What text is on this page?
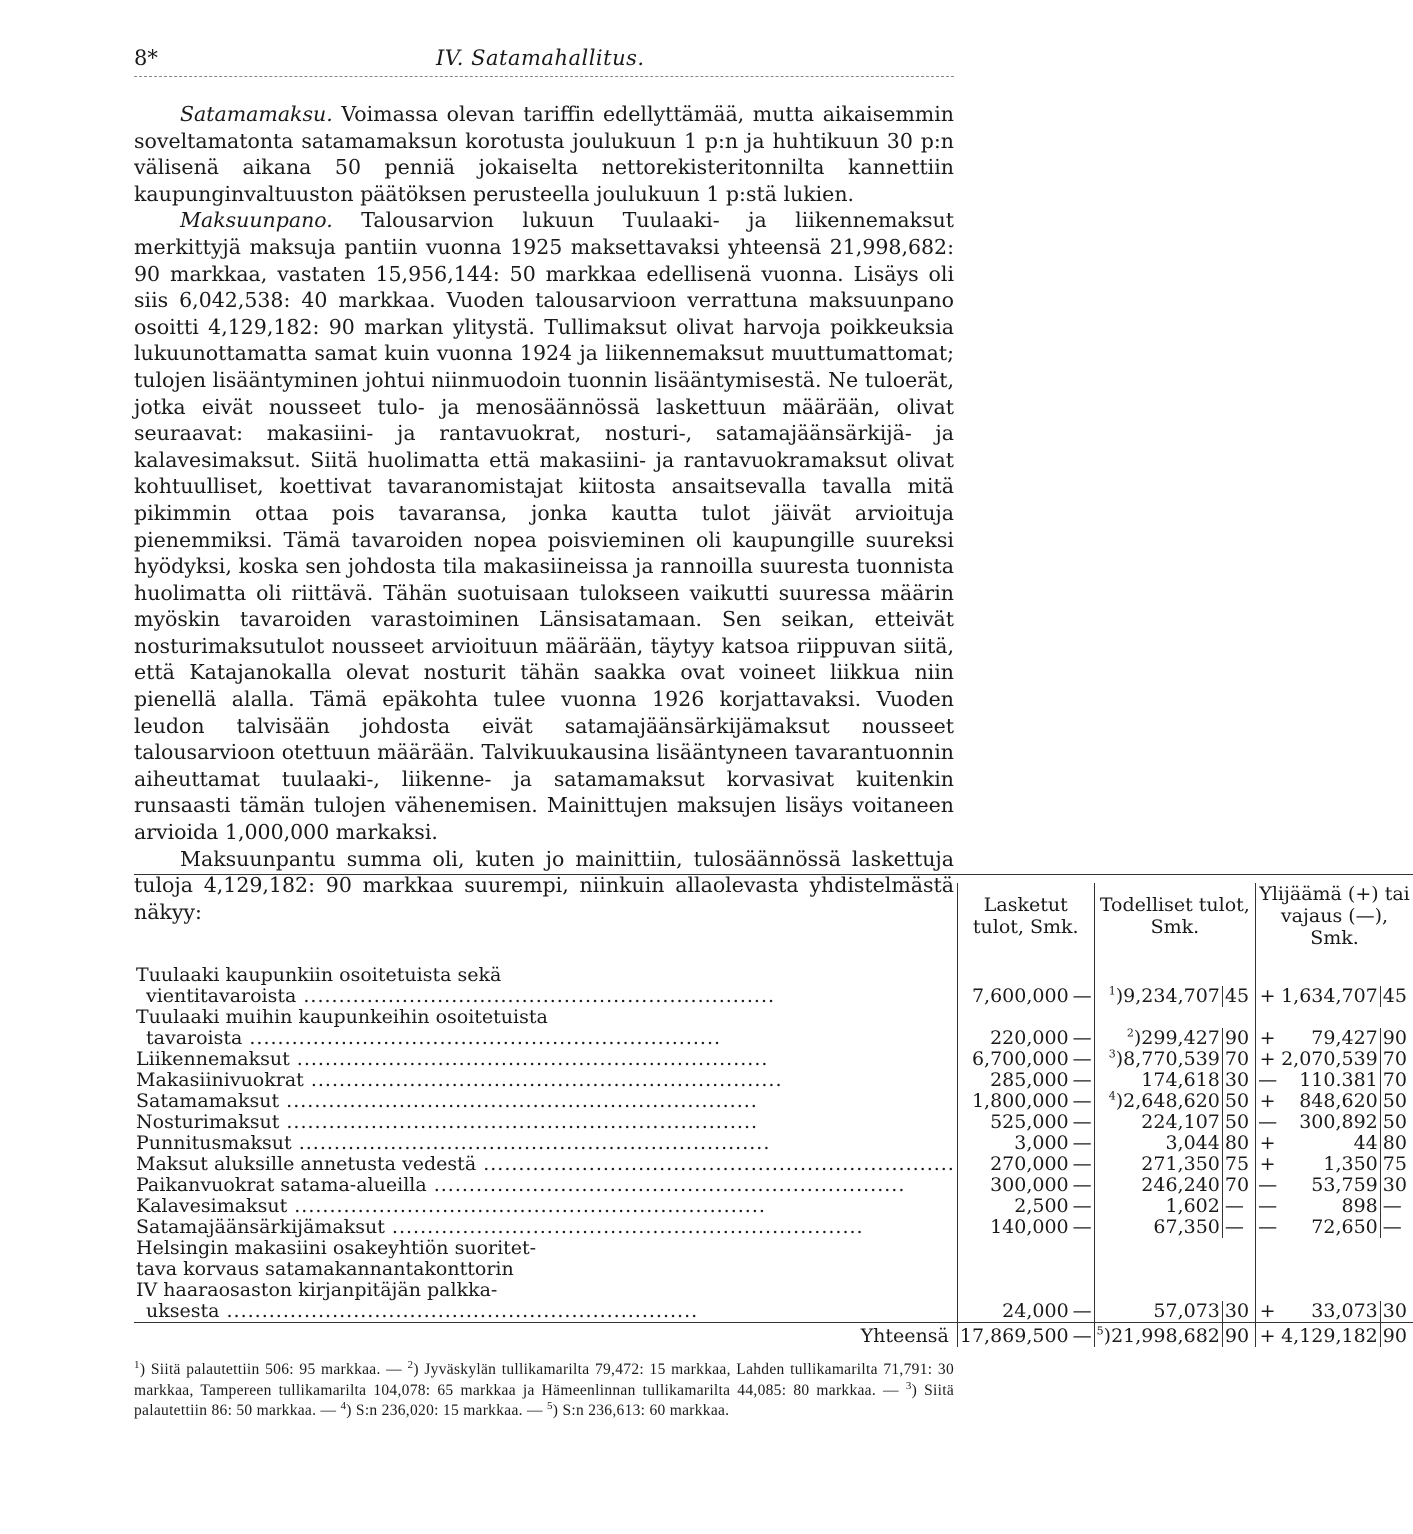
8*	IV. Satamahallitus.

Satamamaksu. Voimassa olevan tariffin edellyttämää, mutta aikaisemmin soveltamatonta satamamaksun korotusta joulukuun 1 p:n ja huhtikuun 30 p:n välisenä aikana 50 penniä jokaiselta nettorekisteritonnilta kannettiin kaupunginvaltuuston päätöksen perusteella joulukuun 1 p:stä lukien.

Maksuunpano. Talousarvion lukuun Tuulaaki- ja liikennemaksut merkittyjä maksuja pantiin vuonna 1925 maksettavaksi yhteensä 21,998,682: 90 markkaa, vastaten 15,956,144: 50 markkaa edellisenä vuonna. Lisäys oli siis 6,042,538: 40 markkaa. Vuoden talousarvioon verrattuna maksuunpano osoitti 4,129,182: 90 markan ylitystä. Tullimaksut olivat harvoja poikkeuksia lukuunottamatta samat kuin vuonna 1924 ja liikennemaksut muuttumattomat; tulojen lisääntyminen johtui niinmuodoin tuonnin lisääntymisestä. Ne tuloerät, jotka eivät nousseet tulo- ja menosäännössä laskettuun määrään, olivat seuraavat: makasiini- ja rantavuokrat, nosturi-, satamajäänsärkijä- ja kalavesimaksut. Siitä huolimatta että makasiini- ja rantavuokramaksut olivat kohtuulliset, koettivat tavaranomistajat kiitosta ansaitsevalla tavalla mitä pikimmin ottaa pois tavaransa, jonka kautta tulot jäivät arvioituja pienemmiksi. Tämä tavaroiden nopea poisvieminen oli kaupungille suureksi hyödyksi, koska sen johdosta tila makasiineissa ja rannoilla suuresta tuonnista huolimatta oli riittävä. Tähän suotuisaan tulokseen vaikutti suuressa määrin myöskin tavaroiden varastoiminen Länsisatamaan. Sen seikan, etteivät nosturimaksutulot nousseet arvioituun määrään, täytyy katsoa riippuvan siitä, että Katajanokalla olevat nosturit tähän saakka ovat voineet liikkua niin pienellä alalla. Tämä epäkohta tulee vuonna 1926 korjattavaksi. Vuoden leudon talvisään johdosta eivät satamajäänsärkijämaksut nousseet talousarvioon otettuun määrään. Talvikuukausina lisääntyneen tavarantuonnin aiheuttamat tuulaaki-, liikenne- ja satamamaksut korvasivat kuitenkin runsaasti tämän tulojen vähenemisen. Mainittujen maksujen lisäys voitaneen arvioida 1,000,000 markaksi.

Maksuunpantu summa oli, kuten jo mainittiin, tulosäännössä laskettuja tuloja 4,129,182: 90 markkaa suurempi, niinkuin allaolevasta yhdistelmästä näkyy:

		Lasketut tulot, Smk.		Todelliset tulot, Smk.			Ylijäämä (+) tai vajaus (—), Smk.			

Tuulaaki kaupunkiin osoitetuista sekä									
vientitavaroista .....	7,600,000	—	$^1$)9,234,707	45		+	1,634,707	45	
Tuulaaki muihin kaupunkeihin osoitetuista									
tavaroista .....	220,000	—	$^2$)299,427	90		+	79,427	90	
Liikennemaksut .....	6,700,000	—	$^3$)8,770,539	70		+	2,070,539	70	
Makasiinivuokrat .....	285,000	—	174,618	30		—	110.381	70	
Satamamaksut .....	1,800,000	—	$^4$)2,648,620	50		+	848,620	50	
Nosturimaksut .....	525,000	—	224,107	50		—	300,892	50	
Punnitusmaksut .....	3,000	—	3,044	80		+	44	80	
Maksut aluksille annetusta vedestä .....	270,000	—	271,350	75		+	1,350	75	
Paikanvuokrat satama-alueilla .....	300,000	—	246,240	70		—	53,759	30	
Kalavesimaksut .....	2,500	—	1,602	—		—	898	—	
Satamajäänsärkijämaksut .....	140,000	—	67,350	—		—	72,650	—	
Helsingin makasiini osakeyhtiön suoritet-									
tava korvaus satamakannantakonttorin									
IV haaraosaston kirjanpitäjän palkka-									
uksesta .....	24,000	—	57,073	30		+	33,073	30	
Yhteensä	17,869,500	—	$^5$)21,998,682	90		+	4,129,182	90	
$^1$) Siitä palautettiin 506: 95 markkaa. — $^2$) Jyväskylän tullikamarilta 79,472: 15 markkaa, Lahden tullikamarilta 71,791: 30 markkaa, Tampereen tullikamarilta 104,078: 65 markkaa ja Hämeenlinnan tullikamarilta 44,085: 80 markkaa. — $^3$) Siitä palautettiin 86: 50 markkaa. — $^4$) S:n 236,020: 15 markkaa. — $^5$) S:n 236,613: 60 markkaa.
